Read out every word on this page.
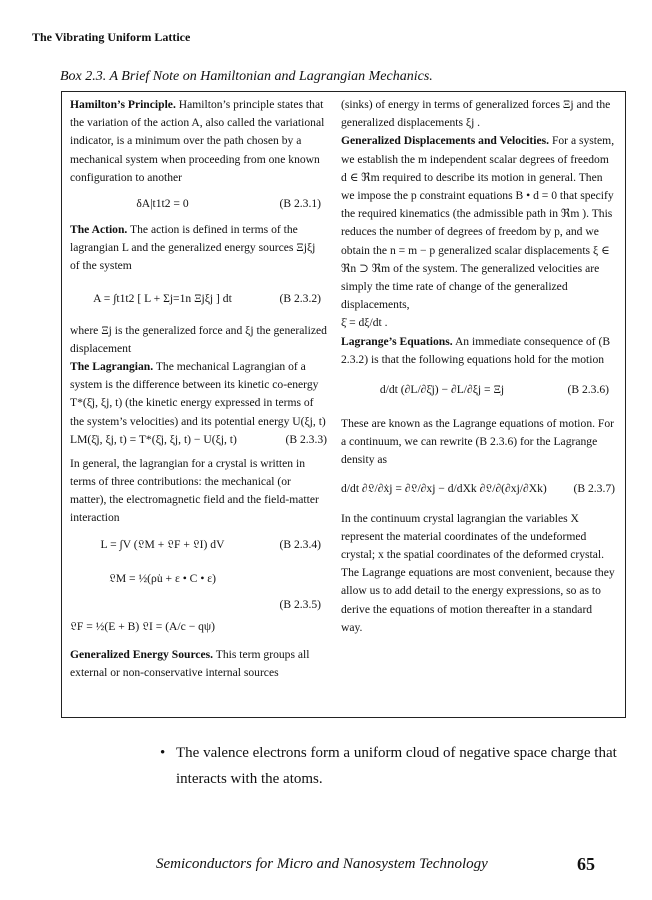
The Vibrating Uniform Lattice
Box 2.3. A Brief Note on Hamiltonian and Lagrangian Mechanics.

Hamilton’s Principle. Hamilton’s principle states that the variation of the action A, also called the variational indicator, is a minimum over the path chosen by a mechanical system when proceeding from one known configuration to another

δA|t1t2 = 0	(B 2.3.1)

The Action. The action is defined in terms of the lagrangian L and the generalized energy sources Ξjξj of the system

A = ∫t1t2 [ L + Σj=1n Ξjξj ] dt	(B 2.3.2)

where Ξj is the generalized force and ξj the generalized displacement

The Lagrangian. The mechanical Lagrangian of a system is the difference between its kinetic co-energy T*(ξ̇j, ξj, t) (the kinetic energy expressed in terms of the system’s velocities) and its potential energy U(ξj, t)

LM(ξ̇j, ξj, t) = T*(ξ̇j, ξj, t) − U(ξj, t)	(B 2.3.3)

In general, the lagrangian for a crystal is written in terms of three contributions: the mechanical (or matter), the electromagnetic field and the field-matter interaction

L = ∫V (𝔏M + 𝔏F + 𝔏I) dV	(B 2.3.4)
𝔏M = ½(ρu̇ + ε • C • ε)
(B 2.3.5)
𝔏F = ½(E + B) 𝔏I = (A/c − qψ)

Generalized Energy Sources. This term groups all external or non-conservative internal sources

(sinks) of energy in terms of generalized forces Ξj and the generalized displacements ξj .

Generalized Displacements and Velocities. For a system, we establish the m independent scalar degrees of freedom d ∈ ℜm required to describe its motion in general. Then we impose the p constraint equations B • d = 0 that specify the required kinematics (the admissible path in ℜm ). This reduces the number of degrees of freedom by p, and we obtain the n = m − p generalized scalar displacements ξ ∈ ℜn ⊃ ℜm of the system. The generalized velocities are simply the time rate of change of the generalized displacements,

ξ̇ = dξ/dt .

Lagrange’s Equations. An immediate consequence of (B 2.3.2) is that the following equations hold for the motion

d/dt (∂L/∂ξ̇j) − ∂L/∂ξj = Ξj	(B 2.3.6)

These are known as the Lagrange equations of motion. For a continuum, we can rewrite (B 2.3.6) for the Lagrange density as

d/dt ∂𝔏/∂ẋj = ∂𝔏/∂xj − d/dXk ∂𝔏/∂(∂xj/∂Xk) (B 2.3.7)

In the continuum crystal lagrangian the variables X represent the material coordinates of the undeformed crystal; x the spatial coordinates of the deformed crystal. The Lagrange equations are most convenient, because they allow us to add detail to the energy expressions, so as to derive the equations of motion thereafter in a standard way.

• The valence electrons form a uniform cloud of negative space charge that interacts with the atoms.
Semiconductors for Micro and Nanosystem Technology	65
